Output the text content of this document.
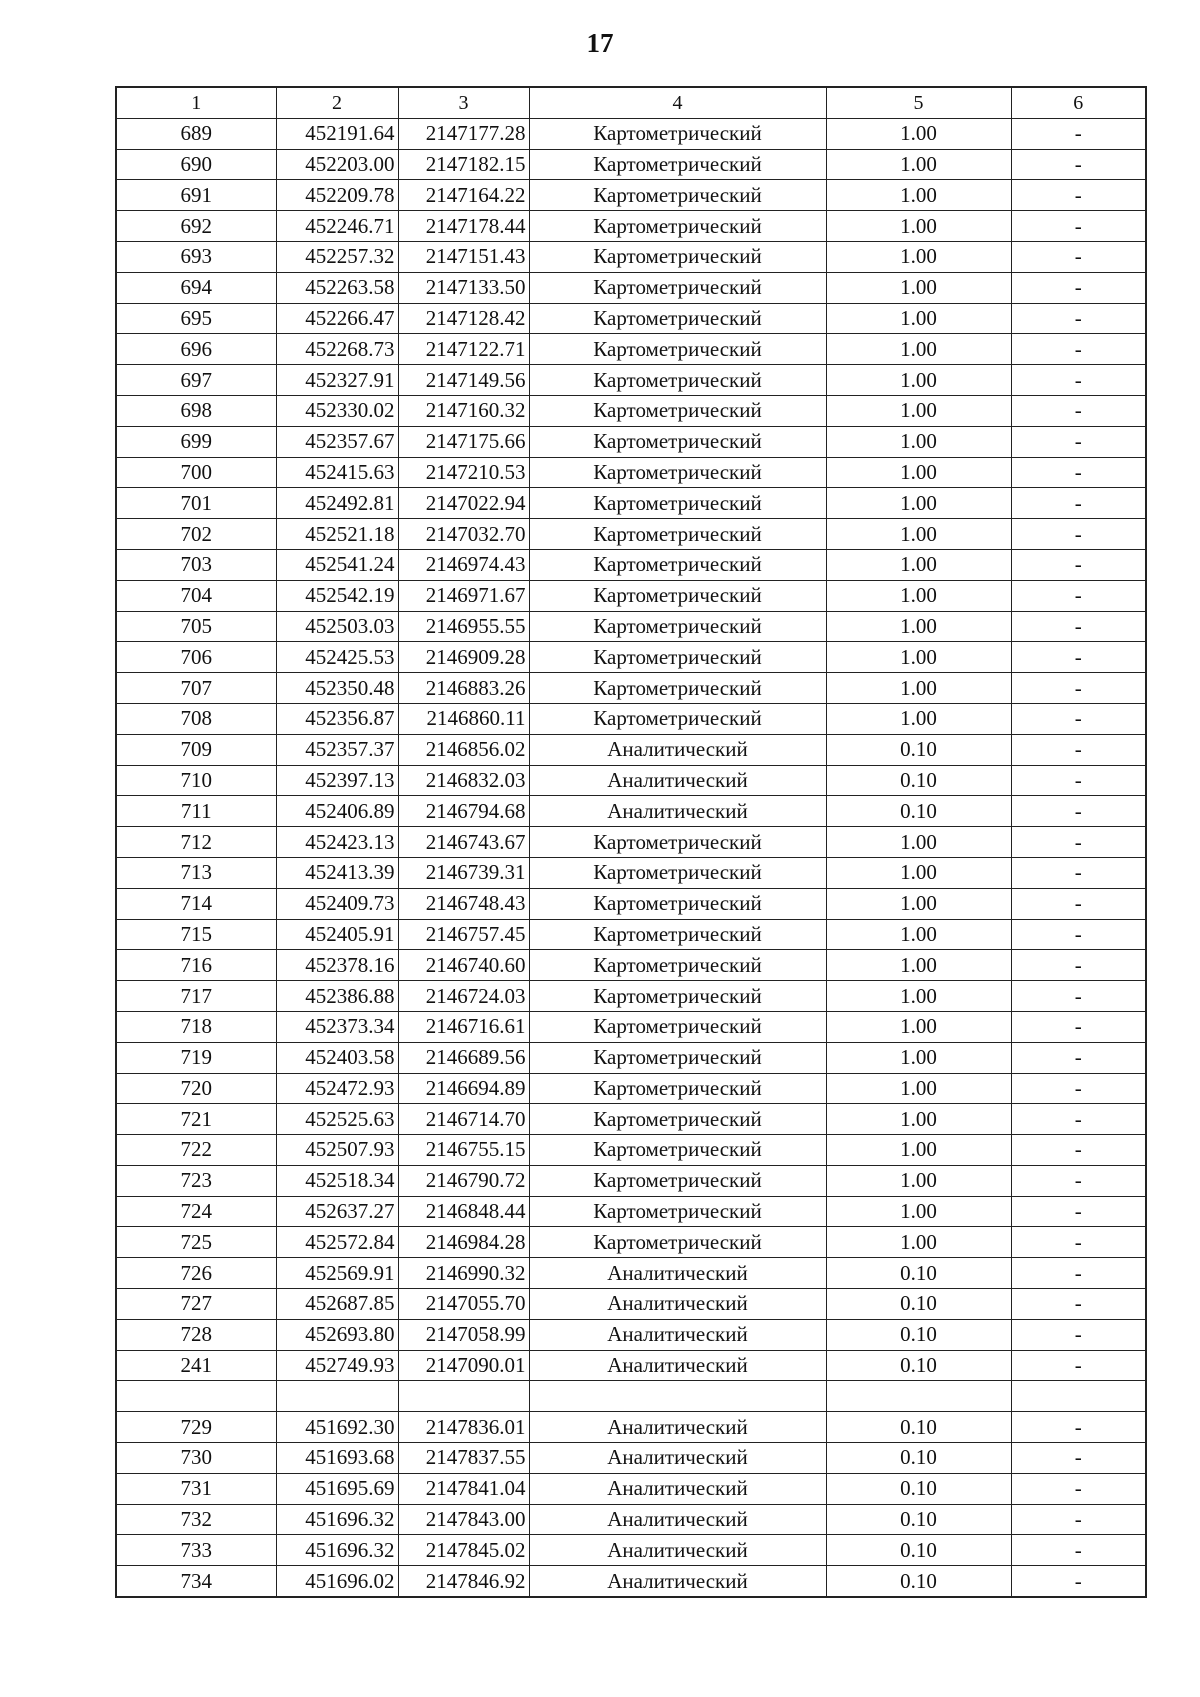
17
1	2	3	4	5	6
689	452191.64	2147177.28	Картометрический	1.00	-
690	452203.00	2147182.15	Картометрический	1.00	-
691	452209.78	2147164.22	Картометрический	1.00	-
692	452246.71	2147178.44	Картометрический	1.00	-
693	452257.32	2147151.43	Картометрический	1.00	-
694	452263.58	2147133.50	Картометрический	1.00	-
695	452266.47	2147128.42	Картометрический	1.00	-
696	452268.73	2147122.71	Картометрический	1.00	-
697	452327.91	2147149.56	Картометрический	1.00	-
698	452330.02	2147160.32	Картометрический	1.00	-
699	452357.67	2147175.66	Картометрический	1.00	-
700	452415.63	2147210.53	Картометрический	1.00	-
701	452492.81	2147022.94	Картометрический	1.00	-
702	452521.18	2147032.70	Картометрический	1.00	-
703	452541.24	2146974.43	Картометрический	1.00	-
704	452542.19	2146971.67	Картометрический	1.00	-
705	452503.03	2146955.55	Картометрический	1.00	-
706	452425.53	2146909.28	Картометрический	1.00	-
707	452350.48	2146883.26	Картометрический	1.00	-
708	452356.87	2146860.11	Картометрический	1.00	-
709	452357.37	2146856.02	Аналитический	0.10	-
710	452397.13	2146832.03	Аналитический	0.10	-
711	452406.89	2146794.68	Аналитический	0.10	-
712	452423.13	2146743.67	Картометрический	1.00	-
713	452413.39	2146739.31	Картометрический	1.00	-
714	452409.73	2146748.43	Картометрический	1.00	-
715	452405.91	2146757.45	Картометрический	1.00	-
716	452378.16	2146740.60	Картометрический	1.00	-
717	452386.88	2146724.03	Картометрический	1.00	-
718	452373.34	2146716.61	Картометрический	1.00	-
719	452403.58	2146689.56	Картометрический	1.00	-
720	452472.93	2146694.89	Картометрический	1.00	-
721	452525.63	2146714.70	Картометрический	1.00	-
722	452507.93	2146755.15	Картометрический	1.00	-
723	452518.34	2146790.72	Картометрический	1.00	-
724	452637.27	2146848.44	Картометрический	1.00	-
725	452572.84	2146984.28	Картометрический	1.00	-
726	452569.91	2146990.32	Аналитический	0.10	-
727	452687.85	2147055.70	Аналитический	0.10	-
728	452693.80	2147058.99	Аналитический	0.10	-
241	452749.93	2147090.01	Аналитический	0.10	-

729	451692.30	2147836.01	Аналитический	0.10	-
730	451693.68	2147837.55	Аналитический	0.10	-
731	451695.69	2147841.04	Аналитический	0.10	-
732	451696.32	2147843.00	Аналитический	0.10	-
733	451696.32	2147845.02	Аналитический	0.10	-
734	451696.02	2147846.92	Аналитический	0.10	-
